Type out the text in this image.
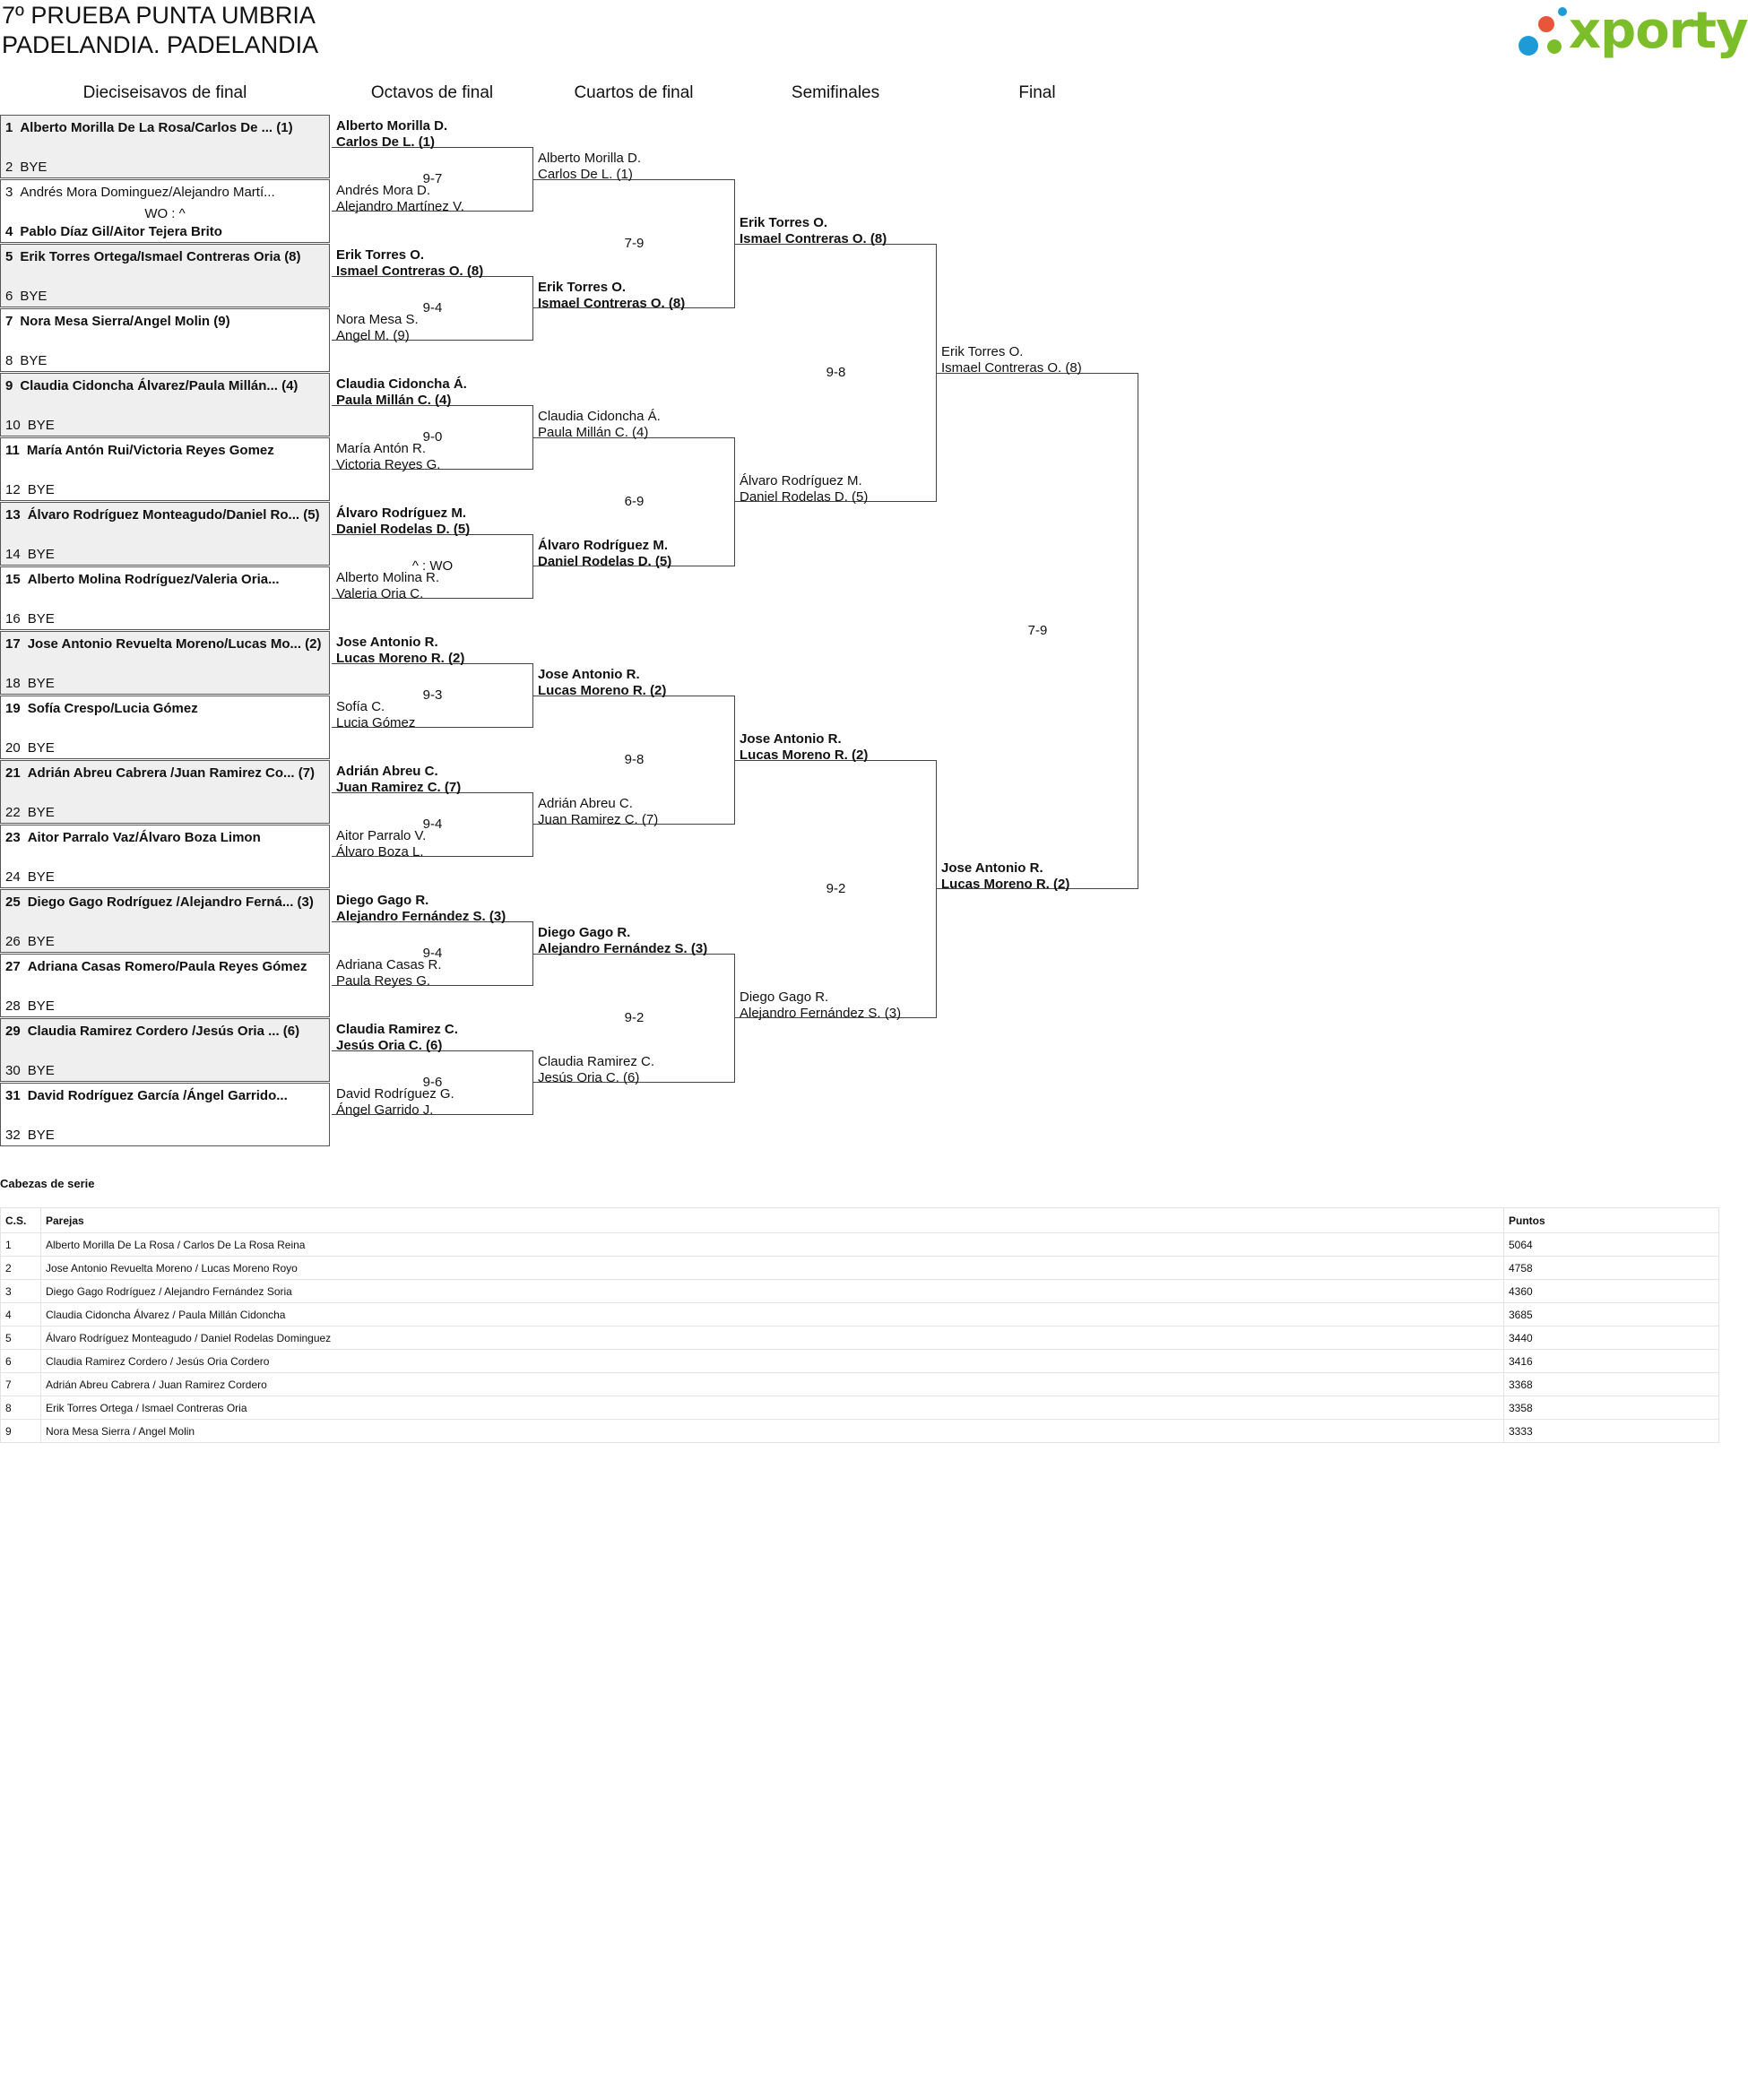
7º PRUEBA PUNTA UMBRIA
PADELANDIA. PADELANDIA	xporty
Dieciseisavos de final	Octavos de final	Cuartos de final	Semifinales	Final
1 Alberto Morilla De La Rosa/Carlos De ... (1)
2 BYE
3 Andrés Mora Dominguez/Alejandro Martí...
4 Pablo Díaz Gil/Aitor Tejera Brito
WO : ^
5 Erik Torres Ortega/Ismael Contreras Oria (8)
6 BYE
7 Nora Mesa Sierra/Angel Molin (9)
8 BYE
9 Claudia Cidoncha Álvarez/Paula Millán... (4)
10 BYE
11 María Antón Rui/Victoria Reyes Gomez
12 BYE
13 Álvaro Rodríguez Monteagudo/Daniel Ro... (5)
14 BYE
15 Alberto Molina Rodríguez/Valeria Oria...
16 BYE
17 Jose Antonio Revuelta Moreno/Lucas Mo... (2)
18 BYE
19 Sofía Crespo/Lucia Gómez
20 BYE
21 Adrián Abreu Cabrera /Juan Ramirez Co... (7)
22 BYE
23 Aitor Parralo Vaz/Álvaro Boza Limon
24 BYE
25 Diego Gago Rodríguez /Alejandro Ferná... (3)
26 BYE
27 Adriana Casas Romero/Paula Reyes Gómez
28 BYE
29 Claudia Ramirez Cordero /Jesús Oria ... (6)
30 BYE
31 David Rodríguez García /Ángel Garrido...
32 BYE
Alberto Morilla D.
Carlos De L. (1)
Andrés Mora D.
Alejandro Martínez V.
9-7
Erik Torres O.
Ismael Contreras O. (8)
Nora Mesa S.
Angel M. (9)
9-4
Claudia Cidoncha Á.
Paula Millán C. (4)
María Antón R.
Victoria Reyes G.
9-0
Álvaro Rodríguez M.
Daniel Rodelas D. (5)
Alberto Molina R.
Valeria Oria C.
^ : WO
Jose Antonio R.
Lucas Moreno R. (2)
Sofía C.
Lucia Gómez
9-3
Adrián Abreu C.
Juan Ramirez C. (7)
Aitor Parralo V.
Álvaro Boza L.
9-4
Diego Gago R.
Alejandro Fernández S. (3)
Adriana Casas R.
Paula Reyes G.
9-4
Claudia Ramirez C.
Jesús Oria C. (6)
David Rodríguez G.
Ángel Garrido J.
9-6
Alberto Morilla D.
Carlos De L. (1)
Erik Torres O.
Ismael Contreras O. (8)
7-9
Claudia Cidoncha Á.
Paula Millán C. (4)
Álvaro Rodríguez M.
Daniel Rodelas D. (5)
6-9
Jose Antonio R.
Lucas Moreno R. (2)
Adrián Abreu C.
Juan Ramirez C. (7)
9-8
Diego Gago R.
Alejandro Fernández S. (3)
Claudia Ramirez C.
Jesús Oria C. (6)
9-2
Erik Torres O.
Ismael Contreras O. (8)
Álvaro Rodríguez M.
Daniel Rodelas D. (5)
9-8
Jose Antonio R.
Lucas Moreno R. (2)
Diego Gago R.
Alejandro Fernández S. (3)
9-2
Erik Torres O.
Ismael Contreras O. (8)
Jose Antonio R.
Lucas Moreno R. (2)
7-9
Cabezas de serie
C.S.	Parejas	Puntos
1	Alberto Morilla De La Rosa / Carlos De La Rosa Reina	5064
2	Jose Antonio Revuelta Moreno / Lucas Moreno Royo	4758
3	Diego Gago Rodríguez / Alejandro Fernández Soria	4360
4	Claudia Cidoncha Álvarez / Paula Millán Cidoncha	3685
5	Álvaro Rodríguez Monteagudo / Daniel Rodelas Dominguez	3440
6	Claudia Ramirez Cordero / Jesús Oria Cordero	3416
7	Adrián Abreu Cabrera / Juan Ramirez Cordero	3368
8	Erik Torres Ortega / Ismael Contreras Oria	3358
9	Nora Mesa Sierra / Angel Molin	3333
